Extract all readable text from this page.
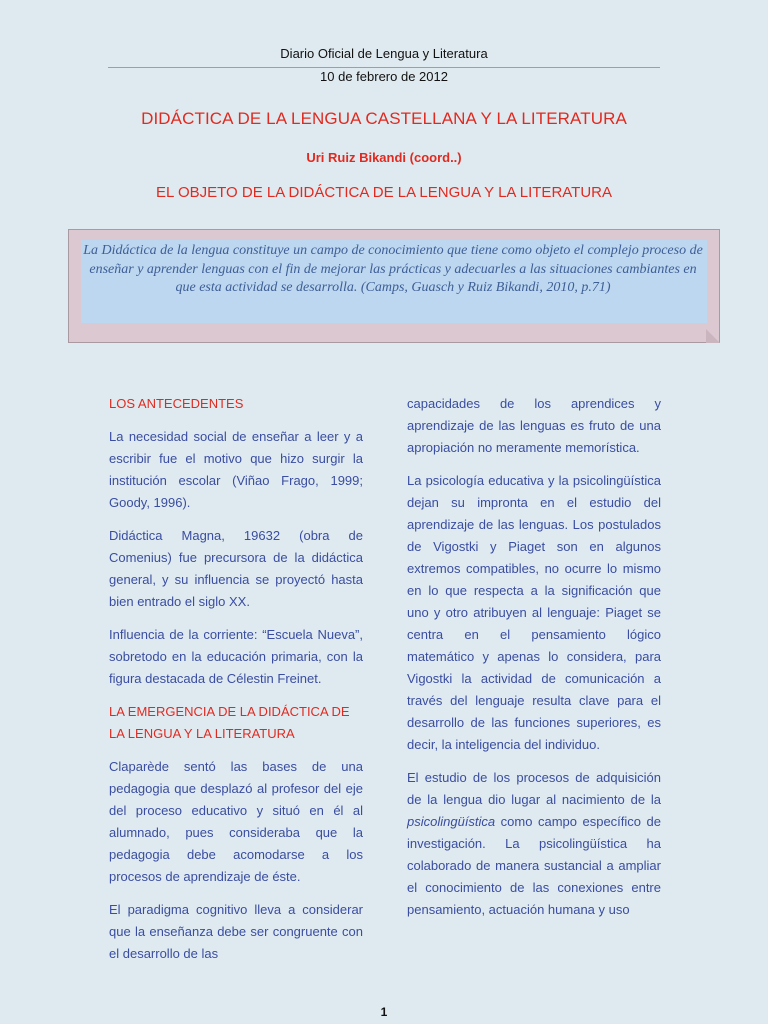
Diario Oficial de Lengua y Literatura
10 de febrero de 2012
DIDÁCTICA DE LA LENGUA CASTELLANA Y LA LITERATURA
Uri Ruiz Bikandi (coord..)
EL OBJETO DE LA DIDÁCTICA DE LA LENGUA Y LA LITERATURA
La Didáctica de la lengua constituye un campo de conocimiento que tiene como objeto el complejo proceso de enseñar y aprender lenguas con el fin de mejorar las prácticas y adecuarles a las situaciones cambiantes en que esta actividad se desarrolla. (Camps, Guasch y Ruiz Bikandi, 2010, p.71)

LOS ANTECEDENTES

La necesidad social de enseñar a leer y a escribir fue el motivo que hizo surgir la institución escolar (Viñao Frago, 1999; Goody, 1996).

Didáctica Magna, 19632 (obra de Comenius) fue precursora de la didáctica general, y su influencia se proyectó hasta bien entrado el siglo XX.

Influencia de la corriente: “Escuela Nueva”, sobretodo en la educación primaria, con la figura destacada de Célestin Freinet.

LA EMERGENCIA DE LA DIDÁCTICA DE LA LENGUA Y LA LITERATURA

Claparède sentó las bases de una pedagogia que desplazó al profesor del eje del proceso educativo y situó en él al alumnado, pues consideraba que la pedagogia debe acomodarse a los procesos de aprendizaje de éste.

El paradigma cognitivo lleva a considerar que la enseñanza debe ser congruente con el desarrollo de las

capacidades de los aprendices y aprendizaje de las lenguas es fruto de una apropiación no meramente memorística.

La psicología educativa y la psicolingüística dejan su impronta en el estudio del aprendizaje de las lenguas. Los postulados de Vigostki y Piaget son en algunos extremos compatibles, no ocurre lo mismo en lo que respecta a la significación que uno y otro atribuyen al lenguaje: Piaget se centra en el pensamiento lógico matemático y apenas lo considera, para Vigostki la actividad de comunicación a través del lenguaje resulta clave para el desarrollo de las funciones superiores, es decir, la inteligencia del individuo.

El estudio de los procesos de adquisición de la lengua dio lugar al nacimiento de la psicolingüística como campo específico de investigación. La psicolingüística ha colaborado de manera sustancial a ampliar el conocimiento de las conexiones entre pensamiento, actuación humana y uso

1
